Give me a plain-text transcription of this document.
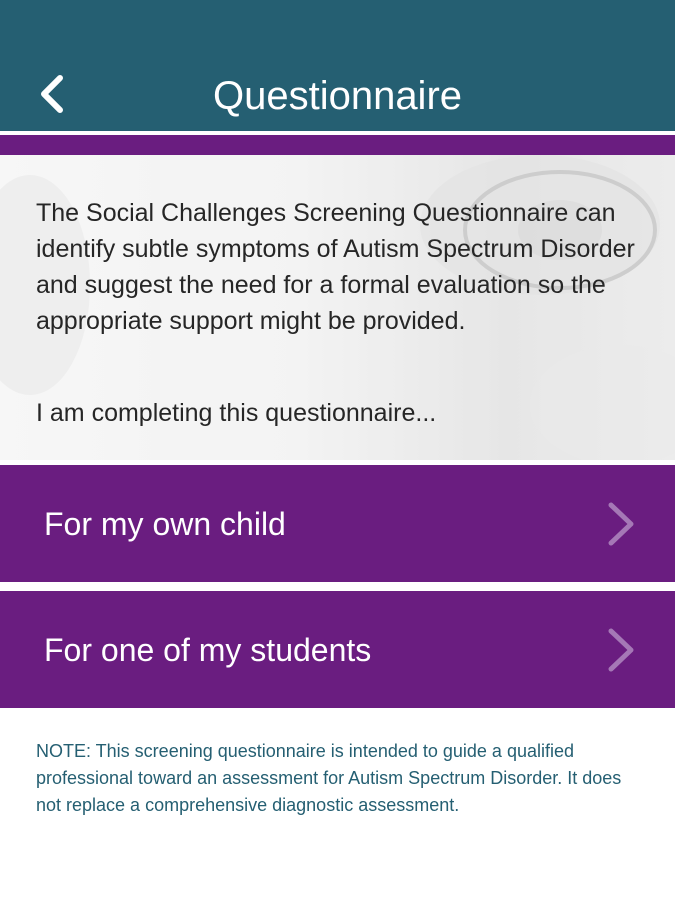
Questionnaire
The Social Challenges Screening Questionnaire can identify subtle symptoms of Autism Spectrum Disorder and suggest the need for a formal evaluation so the appropriate support might be provided.
I am completing this questionnaire...
For my own child
For one of my students
NOTE: This screening questionnaire is intended to guide a qualified professional toward an assessment for Autism Spectrum Disorder. It does not replace a comprehensive diagnostic assessment.
